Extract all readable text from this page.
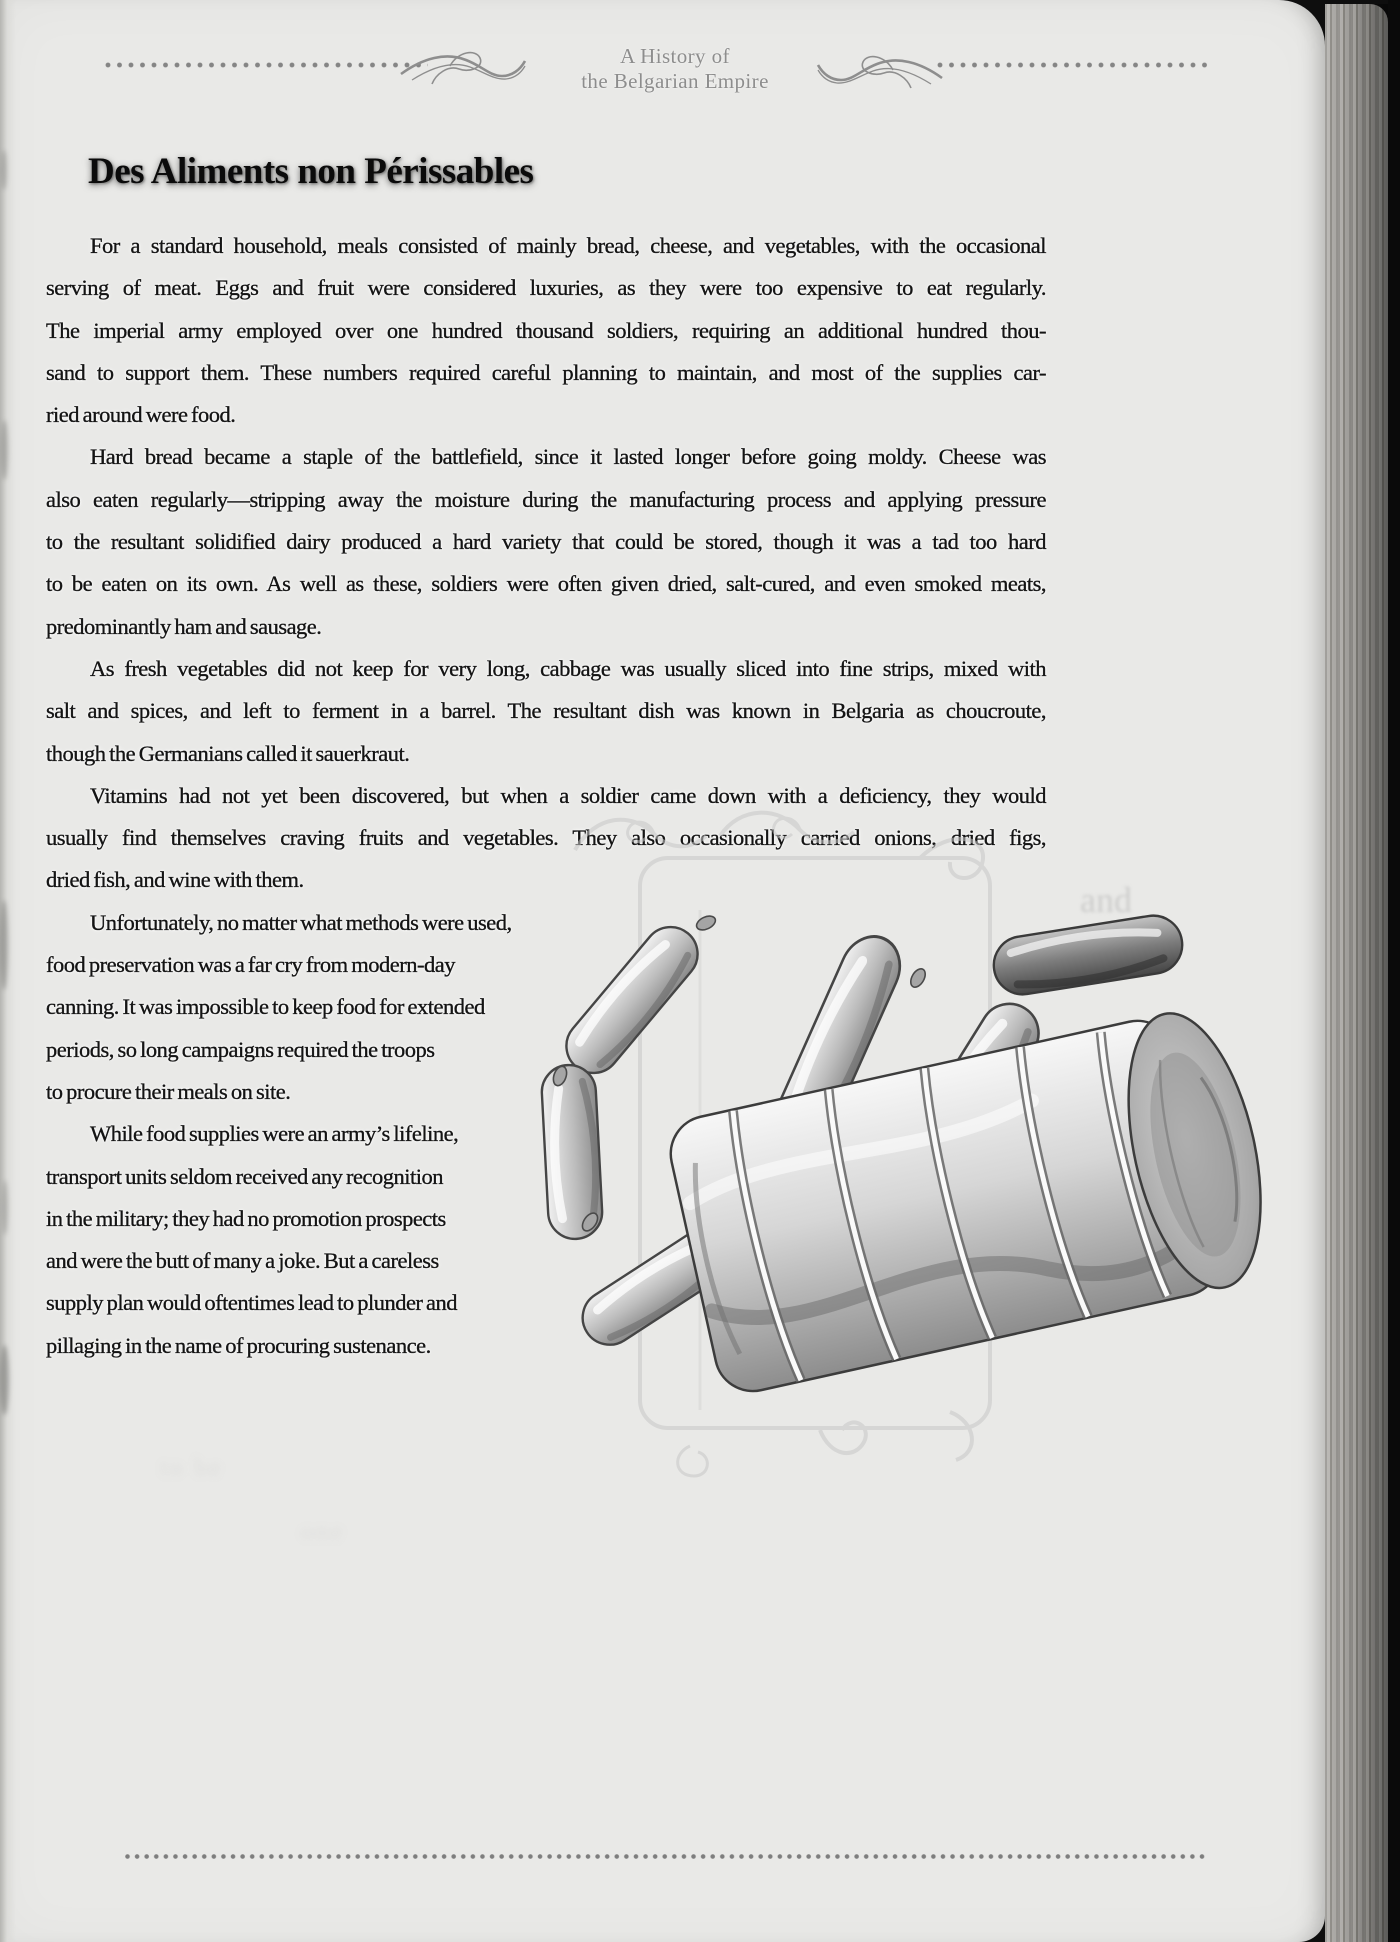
A History of
the Belgarian Empire
Des Aliments non Périssables
For a standard household, meals consisted of mainly bread, cheese, and vegetables, with the occasional
serving of meat. Eggs and fruit were considered luxuries, as they were too expensive to eat regularly.
The imperial army employed over one hundred thousand soldiers, requiring an additional hundred thou-
sand to support them. These numbers required careful planning to maintain, and most of the supplies car-
ried around were food.
Hard bread became a staple of the battlefield, since it lasted longer before going moldy. Cheese was
also eaten regularly—stripping away the moisture during the manufacturing process and applying pressure
to the resultant solidified dairy produced a hard variety that could be stored, though it was a tad too hard
to be eaten on its own. As well as these, soldiers were often given dried, salt-cured, and even smoked meats,
predominantly ham and sausage.
As fresh vegetables did not keep for very long, cabbage was usually sliced into fine strips, mixed with
salt and spices, and left to ferment in a barrel. The resultant dish was known in Belgaria as choucroute,
though the Germanians called it sauerkraut.
Vitamins had not yet been discovered, but when a soldier came down with a deficiency, they would
usually find themselves craving fruits and vegetables. They also occasionally carried onions, dried figs,
dried fish, and wine with them.
Unfortunately, no matter what methods were used,
food preservation was a far cry from modern-day
canning. It was impossible to keep food for extended
periods, so long campaigns required the troops
to procure their meals on site.
While food supplies were an army’s lifeline,
transport units seldom received any recognition
in the military; they had no promotion prospects
and were the butt of many a joke. But a careless
supply plan would oftentimes lead to plunder and
pillaging in the name of procuring sustenance.
and
to be
one
